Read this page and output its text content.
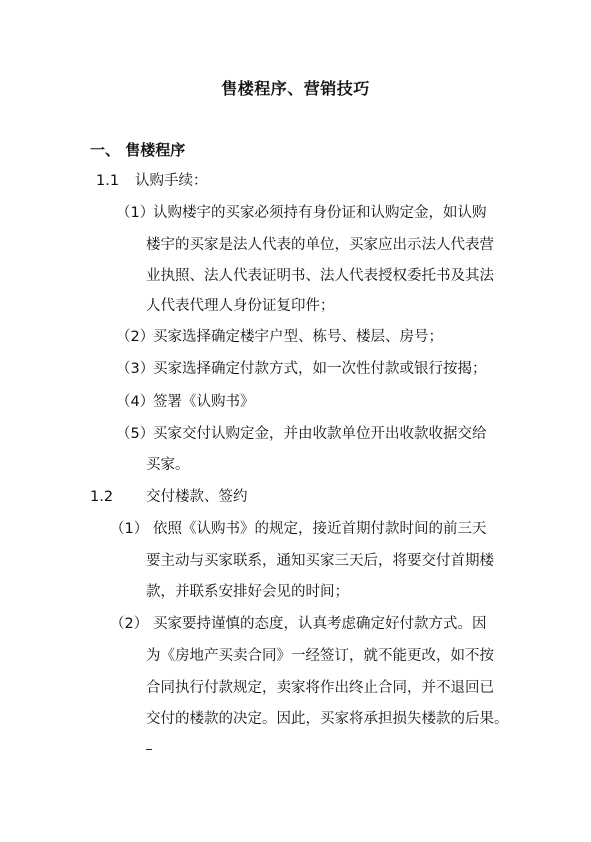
售楼程序、营销技巧
一、 售楼程序
1.1 认购手续：
（1）
认购楼宇的买家必须持有身份证和认购定金，如认购
楼宇的买家是法人代表的单位，买家应出示法人代表营
业执照、法人代表证明书、法人代表授权委托书及其法
人代表代理人身份证复印件；
（2）
买家选择确定楼宇户型、栋号、楼层、房号；
（3）
买家选择确定付款方式，如一次性付款或银行按揭；
（4）
签署《认购书》
（5）
买家交付认购定金，并由收款单位开出收款收据交给
买家。
1.2 交付楼款、签约
（1） 依照《认购书》的规定，接近首期付款时间的前三天
要主动与买家联系，通知买家三天后，将要交付首期楼
款，并联系安排好会见的时间；
（2） 买家要持谨慎的态度，认真考虑确定好付款方式。因
为《房地产买卖合同》一经签订，就不能更改，如不按
合同执行付款规定，卖家将作出终止合同，并不退回已
交付的楼款的决定。因此，买家将承担损失楼款的后果。
